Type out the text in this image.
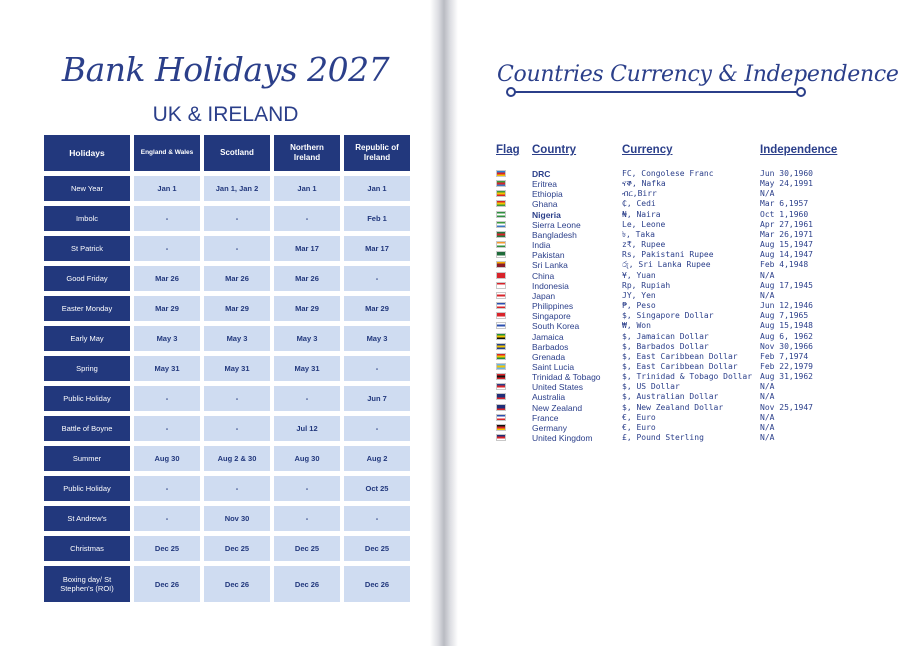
Bank Holidays 2027
UK & IRELAND
Holidays	England & Wales	Scotland	Northern Ireland	Republic of Ireland
New Year	Jan 1	Jan 1, Jan 2	Jan 1	Jan 1
Imbolc	-	-	-	Feb 1
St Patrick	-	-	Mar 17	Mar 17
Good Friday	Mar 26	Mar 26	Mar 26	-
Easter Monday	Mar 29	Mar 29	Mar 29	Mar 29
Early May	May 3	May 3	May 3	May 3
Spring	May 31	May 31	May 31	-
Public Holiday	-	-	-	Jun 7
Battle of Boyne	-	-	Jul 12	-
Summer	Aug 30	Aug 2 & 30	Aug 30	Aug 2
Public Holiday	-	-	-	Oct 25
St Andrew's	-	Nov 30	-	-
Christmas	Dec 25	Dec 25	Dec 25	Dec 25
Boxing day/ St Stephen's (ROI)	Dec 26	Dec 26	Dec 26	Dec 26
Countries Currency & Independence
Flag Country	Currency	Independence
DRC	FC, Congolese Franc	Jun 30,1960
Eritrea	ናቕ, Nafka	May 24,1991
Ethiopia	ብር,Birr	N/A
Ghana	₵, Cedi	Mar 6,1957
Nigeria	₦, Naira	Oct 1,1960
Sierra Leone	Le, Leone	Apr 27,1961
Bangladesh	৳, Taka	Mar 26,1971
India	z₹, Rupee	Aug 15,1947
Pakistan	Rs, Pakistani Rupee	Aug 14,1947
Sri Lanka	රු, Sri Lanka Rupee	Feb 4,1948
China	¥, Yuan	N/A
Indonesia	Rp, Rupiah	Aug 17,1945
Japan	JY, Yen	N/A
Philippines	₱, Peso	Jun 12,1946
Singapore	$, Singapore Dollar	Aug 7,1965
South Korea	₩, Won	Aug 15,1948
Jamaica	$, Jamaican Dollar	Aug 6, 1962
Barbados	$, Barbados Dollar	Nov 30,1966
Grenada	$, East Caribbean Dollar	Feb 7,1974
Saint Lucia	$, East Caribbean Dollar	Feb 22,1979
Trinidad & Tobago	$, Trinidad & Tobago Dollar Aug 31,1962
United States	$, US Dollar	N/A
Australia	$, Australian Dollar	N/A
New Zealand	$, New Zealand Dollar	Nov 25,1947
France	€, Euro	N/A
Germany	€, Euro	N/A
United Kingdom	£, Pound Sterling	N/A
